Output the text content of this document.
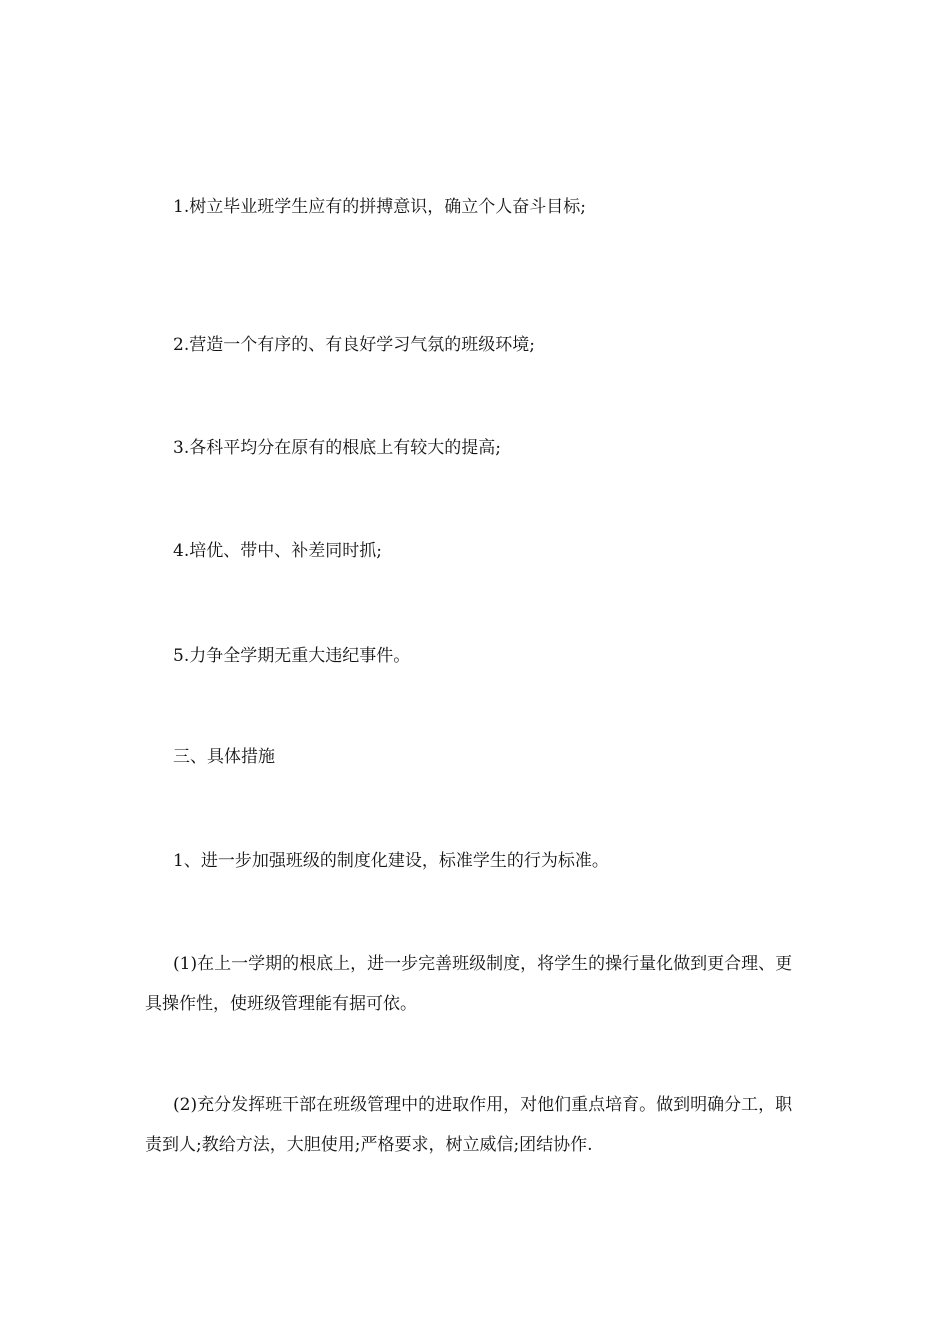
1.树立毕业班学生应有的拼搏意识，确立个人奋斗目标;
2.营造一个有序的、有良好学习气氛的班级环境;
3.各科平均分在原有的根底上有较大的提高;
4.培优、带中、补差同时抓;
5.力争全学期无重大违纪事件。
三、具体措施
1、进一步加强班级的制度化建设，标准学生的行为标准。
(1)在上一学期的根底上，进一步完善班级制度，将学生的操行量化做到更合理、更具操作性，使班级管理能有据可依。
(2)充分发挥班干部在班级管理中的进取作用，对他们重点培育。做到明确分工，职责到人;教给方法，大胆使用;严格要求，树立威信;团结协作.
